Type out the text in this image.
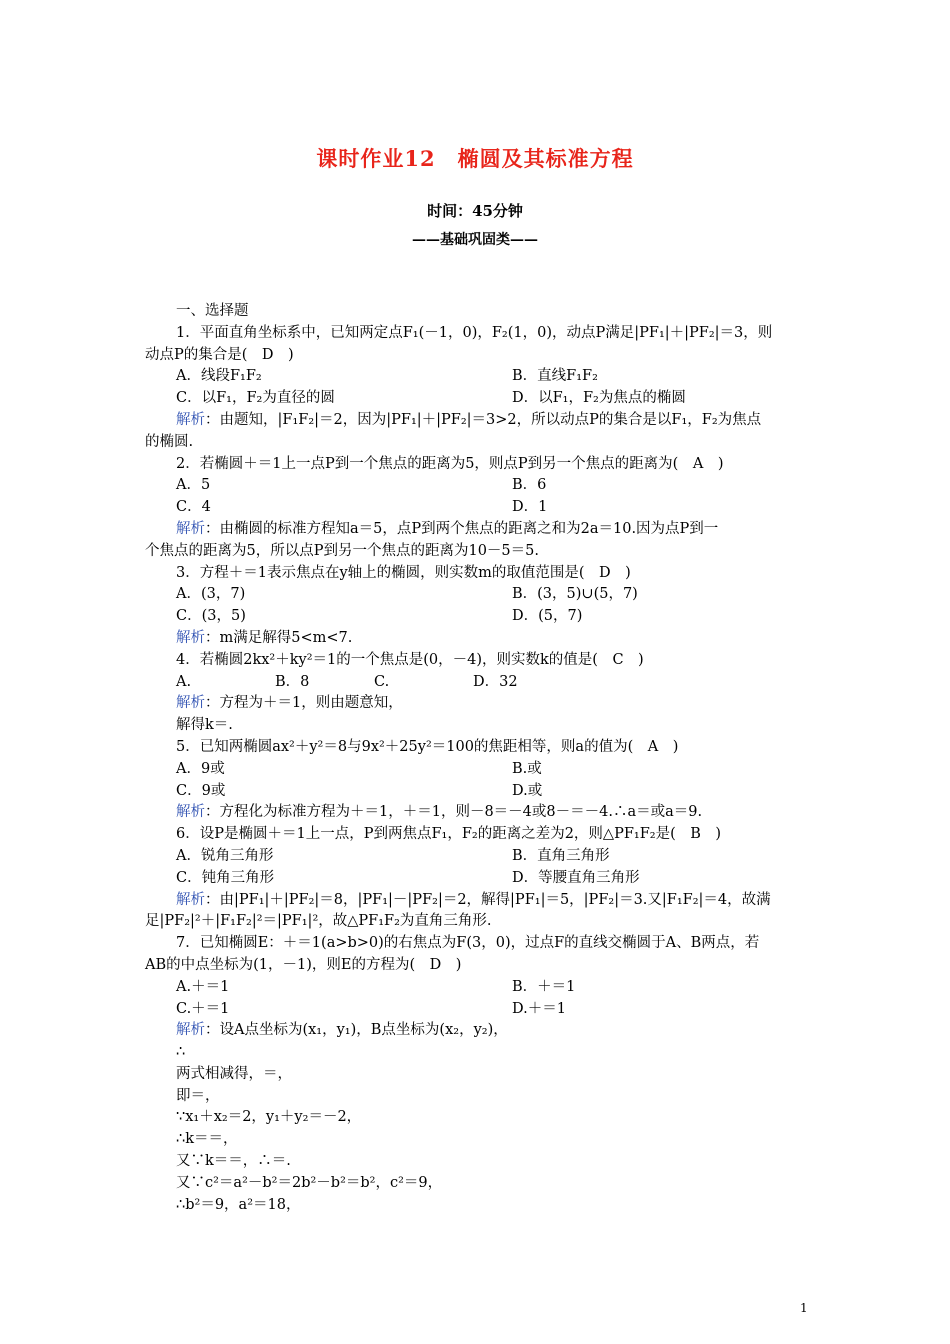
课时作业12　椭圆及其标准方程
时间：45分钟
——基础巩固类——
一、选择题
1．平面直角坐标系中，已知两定点F₁(－1，0)，F₂(1，0)，动点P满足|PF₁|＋|PF₂|＝3，则
动点P的集合是(　D　)
A．线段F₁F₂	B．直线F₁F₂
C．以F₁，F₂为直径的圆	D．以F₁，F₂为焦点的椭圆
解析：由题知，|F₁F₂|＝2，因为|PF₁|＋|PF₂|＝3>2，所以动点P的集合是以F₁，F₂为焦点
的椭圆.
2．若椭圆＋＝1上一点P到一个焦点的距离为5，则点P到另一个焦点的距离为(　A　)
A．5	B．6
C．4	D．1
解析：由椭圆的标准方程知a＝5，点P到两个焦点的距离之和为2a＝10.因为点P到一
个焦点的距离为5，所以点P到另一个焦点的距离为10－5＝5.
3．方程＋＝1表示焦点在y轴上的椭圆，则实数m的取值范围是(　D　)
A．(3，7)	B．(3，5)∪(5，7)
C．(3，5)	D．(5，7)
解析：m满足解得5<m<7.
4．若椭圆2kx²＋ky²＝1的一个焦点是(0，－4)，则实数k的值是(　C　)
A.	B．8	C.	D．32
解析：方程为＋＝1，则由题意知，
解得k＝.
5．已知两椭圆ax²＋y²＝8与9x²＋25y²＝100的焦距相等，则a的值为(　A　)
A．9或	B.或
C．9或	D.或
解析：方程化为标准方程为＋＝1，＋＝1，则－8＝－4或8－＝－4.∴a＝或a＝9.
6．设P是椭圆＋＝1上一点，P到两焦点F₁，F₂的距离之差为2，则△PF₁F₂是(　B　)
A．锐角三角形	B．直角三角形
C．钝角三角形	D．等腰直角三角形
解析：由|PF₁|＋|PF₂|＝8，|PF₁|－|PF₂|＝2，解得|PF₁|＝5，|PF₂|＝3.又|F₁F₂|＝4，故满
足|PF₂|²＋|F₁F₂|²＝|PF₁|²，故△PF₁F₂为直角三角形.
7．已知椭圆E：＋＝1(a>b>0)的右焦点为F(3，0)，过点F的直线交椭圆于A、B两点，若
AB的中点坐标为(1，－1)，则E的方程为(　D　)
A.＋＝1	B．＋＝1
C.＋＝1	D.＋＝1
解析：设A点坐标为(x₁，y₁)，B点坐标为(x₂，y₂)，
∴
两式相减得，＝，
即＝，
∵x₁＋x₂＝2，y₁＋y₂＝－2，
∴k＝＝，
又∵k＝＝，∴＝.
又∵c²＝a²－b²＝2b²－b²＝b²，c²＝9，
∴b²＝9，a²＝18，
1
